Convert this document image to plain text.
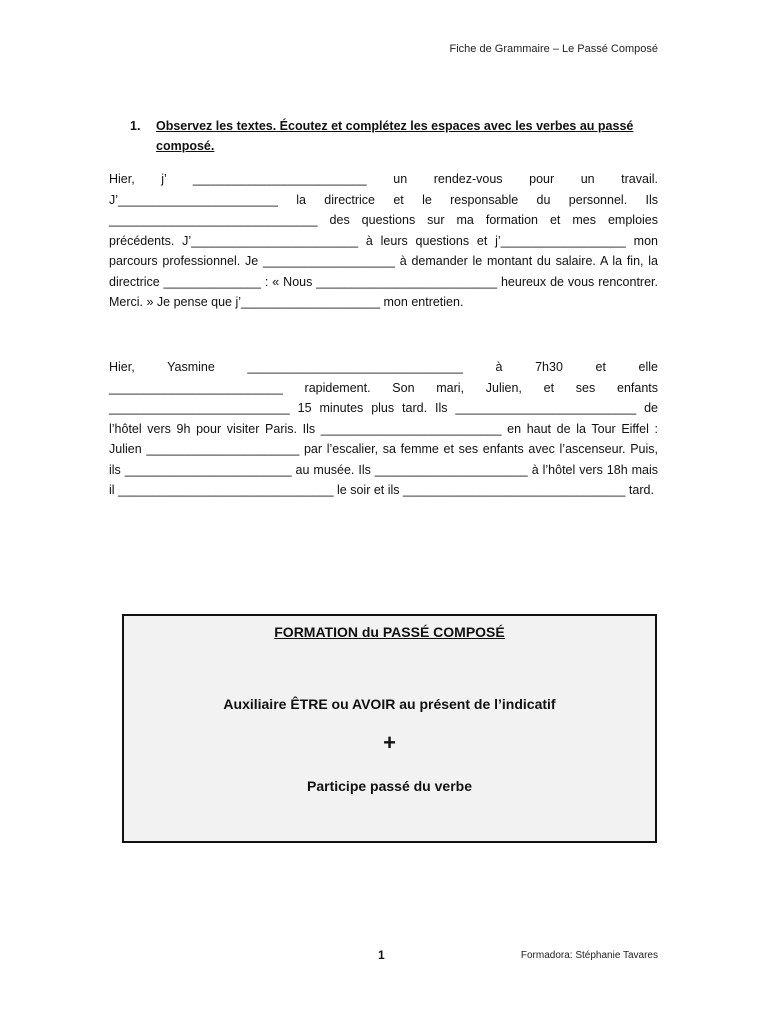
Fiche de Grammaire – Le Passé Composé
1. Observez les textes. Écoutez et complétez les espaces avec les verbes au passé composé.
Hier, j’ _________________________ un rendez-vous pour un travail. J’_______________________ la directrice et le responsable du personnel. Ils ______________________________ des questions sur ma formation et mes emploies précédents. J’________________________ à leurs questions et j’__________________ mon parcours professionnel. Je ___________________ à demander le montant du salaire. A la fin, la directrice ______________ : « Nous __________________________ heureux de vous rencontrer. Merci. » Je pense que j’____________________ mon entretien.
Hier, Yasmine _______________________________ à 7h30 et elle _________________________ rapidement. Son mari, Julien, et ses enfants __________________________ 15 minutes plus tard. Ils __________________________ de l’hôtel vers 9h pour visiter Paris. Ils __________________________ en haut de la Tour Eiffel : Julien ______________________ par l’escalier, sa femme et ses enfants avec l’ascenseur. Puis, ils ________________________ au musée. Ils ______________________ à l’hôtel vers 18h mais il _______________________________ le soir et ils ________________________________ tard.
FORMATION du PASSÉ COMPOSÉ
Auxiliaire ÊTRE ou AVOIR au présent de l’indicatif
+
Participe passé du verbe
1	Formadora: Stéphanie Tavares
